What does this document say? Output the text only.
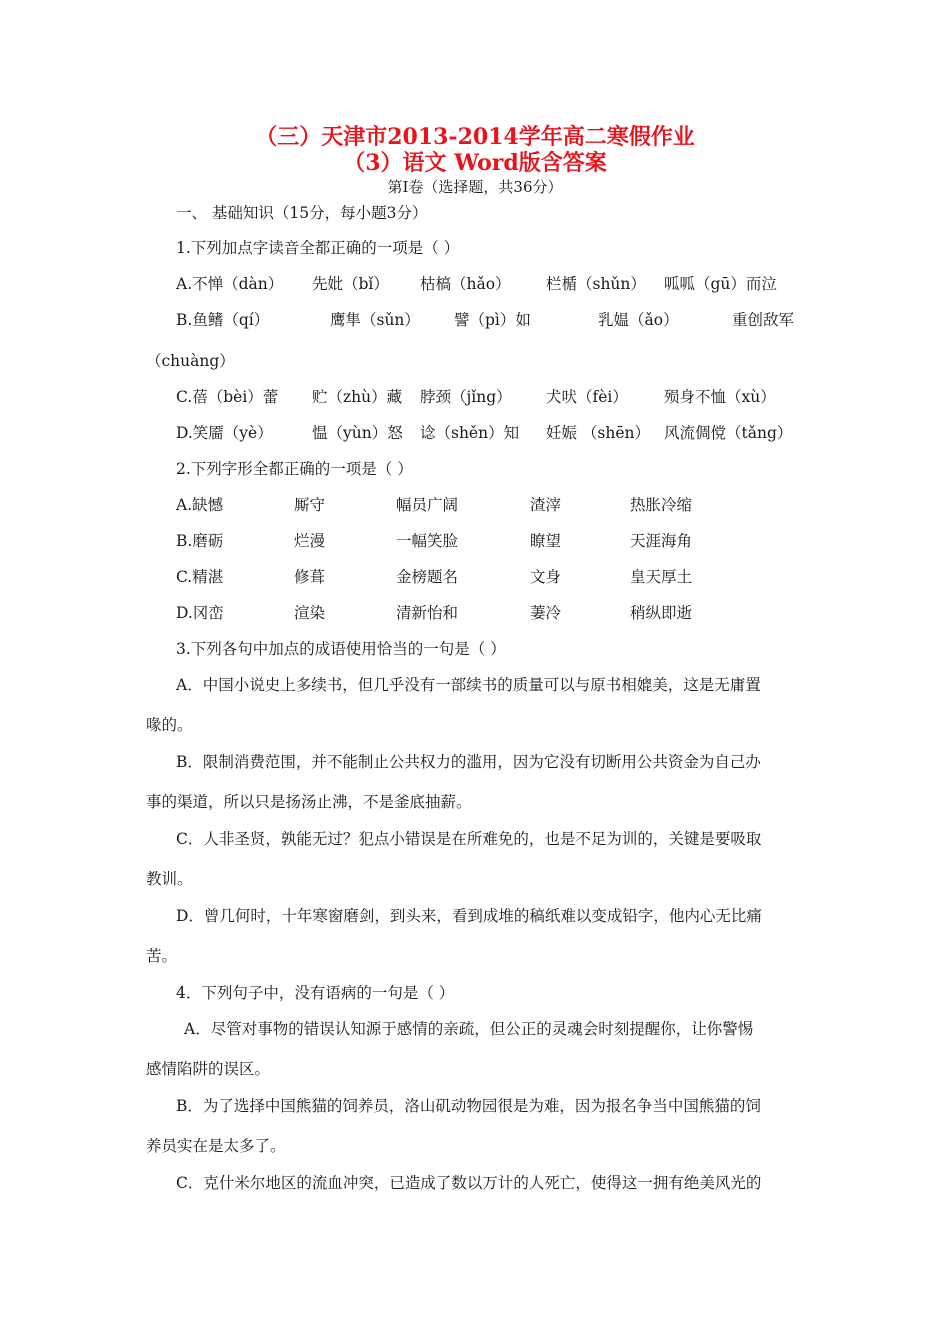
（三）天津市2013-2014学年高二寒假作业
（3）语文 Word版含答案
第Ⅰ卷（选择题，共36分）
一、 基础知识（15分，每小题3分）
1.下列加点字读音全都正确的一项是（ ）
A.不惮（dàn） 先妣（bǐ） 枯槁（hǎo） 栏楯（shǔn） 呱呱（gū）而泣
B.鱼鳍（qí）	鹰隼（sǔn） 譬（pì）如	乳媪（ǎo）	重创敌军
（chuàng）
C.蓓（bèi）蕾 贮（zhù）藏 脖颈（jǐng） 犬吠（fèi） 殒身不恤（xù）
D.笑靥（yè）	愠（yùn）怒 谂（shěn）知 妊娠 （shēn） 风流倜傥（tǎng）
2.下列字形全都正确的一项是（ ）
A.缺憾	厮守	幅员广阔	渣滓	热胀冷缩
B.磨砺	烂漫	一幅笑脸	瞭望	天涯海角
C.精湛	修葺	金榜题名	文身	皇天厚土
D.冈峦	渲染	清新怡和	萋冷	稍纵即逝
3.下列各句中加点的成语使用恰当的一句是（ ）
A．中国小说史上多续书，但几乎没有一部续书的质量可以与原书相媲美，这是无庸置
喙的。
B．限制消费范围，并不能制止公共权力的滥用，因为它没有切断用公共资金为自己办
事的渠道，所以只是扬汤止沸，不是釜底抽薪。
C．人非圣贤，孰能无过？犯点小错误是在所难免的，也是不足为训的，关键是要吸取
教训。
D．曾几何时，十年寒窗磨剑，到头来，看到成堆的稿纸难以变成铅字，他内心无比痛
苦。
4．下列句子中，没有语病的一句是（ ）
A．尽管对事物的错误认知源于感情的亲疏，但公正的灵魂会时刻提醒你，让你警惕
感情陷阱的误区。
B．为了选择中国熊猫的饲养员，洛山矶动物园很是为难，因为报名争当中国熊猫的饲
养员实在是太多了。
C．克什米尔地区的流血冲突，已造成了数以万计的人死亡，使得这一拥有绝美风光的
